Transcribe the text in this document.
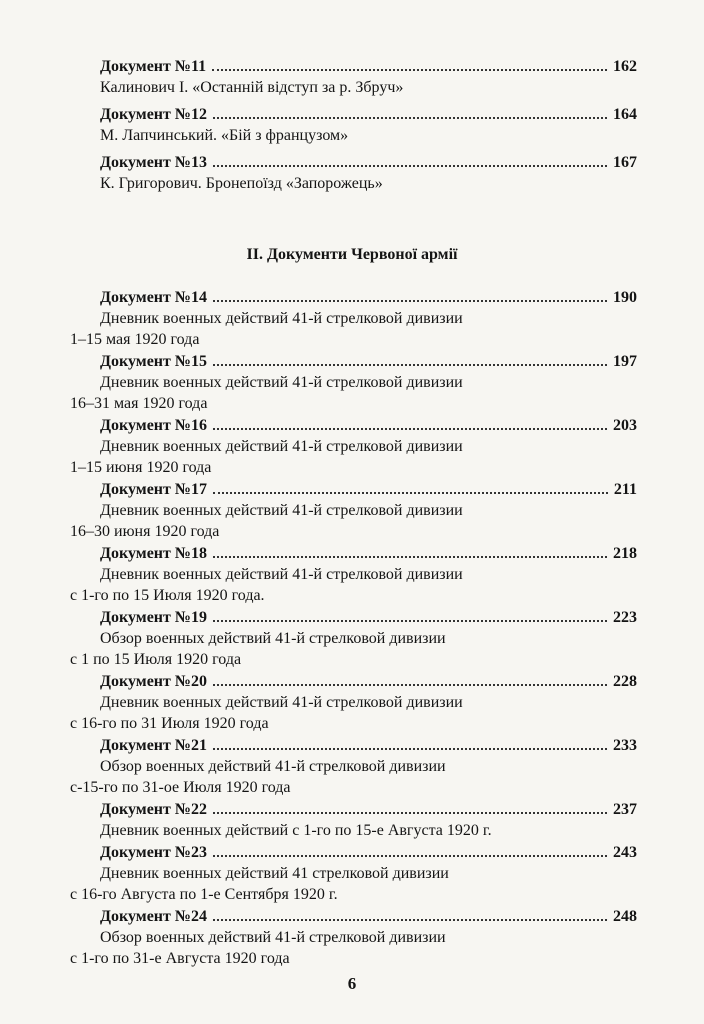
Документ №11	162
Калинович І. «Останній відступ за р. Збруч»
Документ №12	164
М. Лапчинський. «Бій з французом»
Документ №13	167
К. Григорович. Бронепоїзд «Запорожець»
ІІ. Документи Червоної армії
Документ №14	190
Дневник военных действий 41-й стрелковой дивизии
1–15 мая 1920 года
Документ №15	197
Дневник военных действий 41-й стрелковой дивизии
16–31 мая 1920 года
Документ №16	203
Дневник военных действий 41-й стрелковой дивизии
1–15 июня 1920 года
Документ №17	211
Дневник военных действий 41-й стрелковой дивизии
16–30 июня 1920 года
Документ №18	218
Дневник военных действий 41-й стрелковой дивизии
с 1-го по 15 Июля 1920 года.
Документ №19	223
Обзор военных действий 41-й стрелковой дивизии
с 1 по 15 Июля 1920 года
Документ №20	228
Дневник военных действий 41-й стрелковой дивизии
с 16-го по 31 Июля 1920 года
Документ №21	233
Обзор военных действий 41-й стрелковой дивизии
с-15-го по 31-ое Июля 1920 года
Документ №22	237
Дневник военных действий с 1-го по 15-е Августа 1920 г.
Документ №23	243
Дневник военных действий 41 стрелковой дивизии
с 16-го Августа по 1-е Сентября 1920 г.
Документ №24	248
Обзор военных действий 41-й стрелковой дивизии
с 1-го по 31-е Августа 1920 года
6
